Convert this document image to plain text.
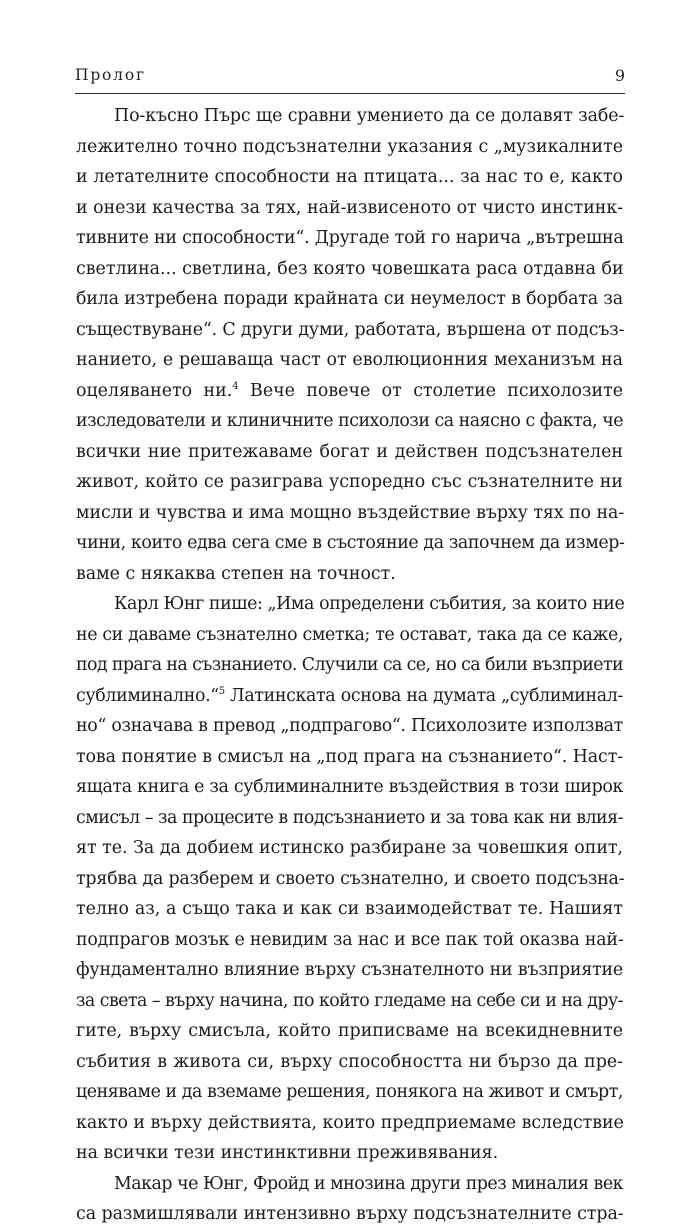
Пролог	9
По-късно Пърс ще сравни умението да се долавят забе-
лежително точно подсъзнателни указания с „музикалните
и летателните способности на птицата... за нас то е, както
и онези качества за тях, най-извисеното от чисто инстинк-
тивните ни способности“. Другаде той го нарича „вътрешна
светлина... светлина, без която човешката раса отдавна би
била изтребена поради крайната си неумелост в борбата за
съществуване“. С други думи, работата, вършена от подсъз-
нанието, е решаваща част от еволюционния механизъм на
оцеляването ни.$^4$ Вече повече от столетие психолозите
изследователи и клиничните психолози са наясно с факта, че
всички ние притежаваме богат и действен подсъзнателен
живот, който се разиграва успоредно със съзнателните ни
мисли и чувства и има мощно въздействие върху тях по на-
чини, които едва сега сме в състояние да започнем да измер-
ваме с някаква степен на точност.
Карл Юнг пише: „Има определени събития, за които ние
не си даваме съзнателно сметка; те остават, така да се каже,
под прага на съзнанието. Случили са се, но са били възприети
сублиминално.“$^5$ Латинската основа на думата „сублиминал-
но“ означава в превод „подпрагово“. Психолозите използват
това понятие в смисъл на „под прага на съзнанието“. Наст-
ящата книга е за сублиминалните въздействия в този широк
смисъл – за процесите в подсъзнанието и за това как ни влия-
ят те. За да добием истинско разбиране за човешкия опит,
трябва да разберем и своето съзнателно, и своето подсъзна-
телно аз, а също така и как си взаимодействат те. Нашият
подпрагов мозък е невидим за нас и все пак той оказва най-
фундаментално влияние върху съзнателното ни възприятие
за света – върху начина, по който гледаме на себе си и на дру-
гите, върху смисъла, който приписваме на всекидневните
събития в живота си, върху способността ни бързо да пре-
ценяваме и да вземаме решения, понякога на живот и смърт,
както и върху действията, които предприемаме вследствие
на всички тези инстинктивни преживявания.
Макар че Юнг, Фройд и мнозина други през миналия век
са размишлявали интензивно върху подсъзнателните стра-
